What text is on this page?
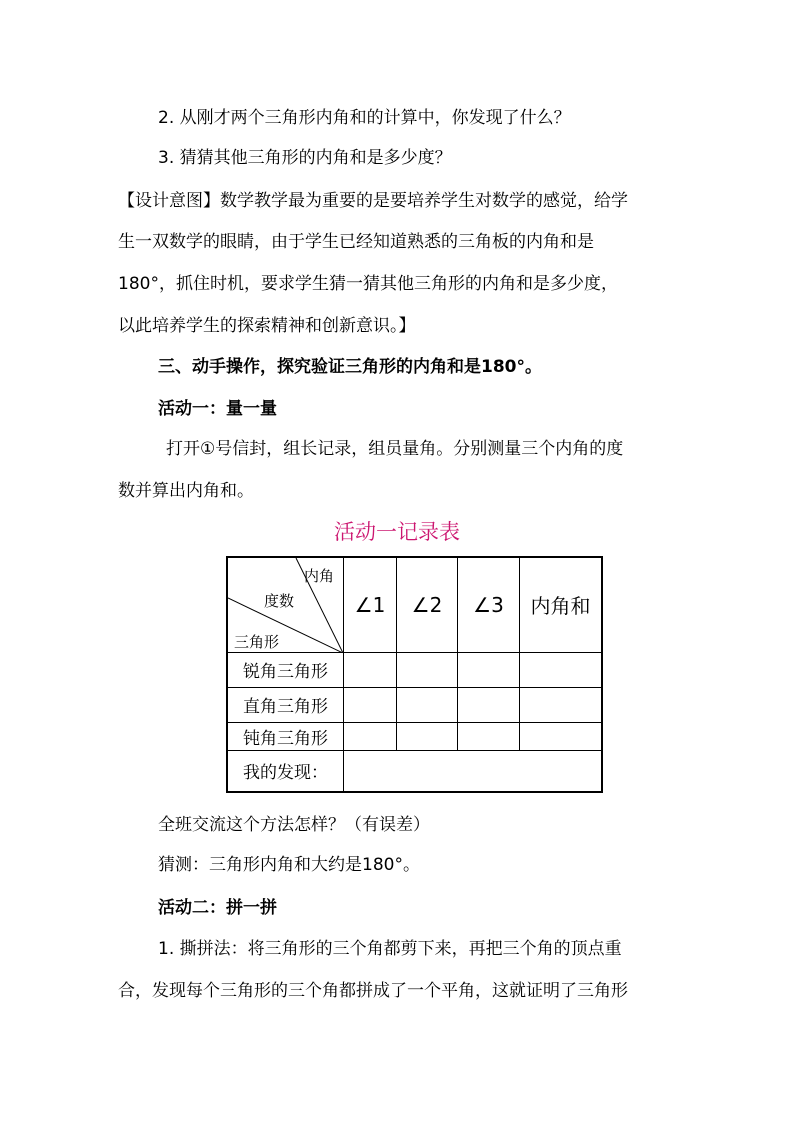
2. 从刚才两个三角形内角和的计算中，你发现了什么？
3. 猜猜其他三角形的内角和是多少度？
【设计意图】数学教学最为重要的是要培养学生对数学的感觉，给学
生一双数学的眼睛，由于学生已经知道熟悉的三角板的内角和是
180°，抓住时机，要求学生猜一猜其他三角形的内角和是多少度，
以此培养学生的探索精神和创新意识。】
三、动手操作，探究验证三角形的内角和是180°。
活动一：量一量
打开①号信封，组长记录，组员量角。分别测量三个内角的度
数并算出内角和。
活动一记录表
内角
度数
三角形	∠1	∠2	∠3	内角和
锐角三角形				
直角三角形				
钝角三角形				
我的发现：				
全班交流这个方法怎样？（有误差）
猜测：三角形内角和大约是180°。
活动二：拼一拼
1. 撕拼法：将三角形的三个角都剪下来，再把三个角的顶点重
合，发现每个三角形的三个角都拼成了一个平角，这就证明了三角形
